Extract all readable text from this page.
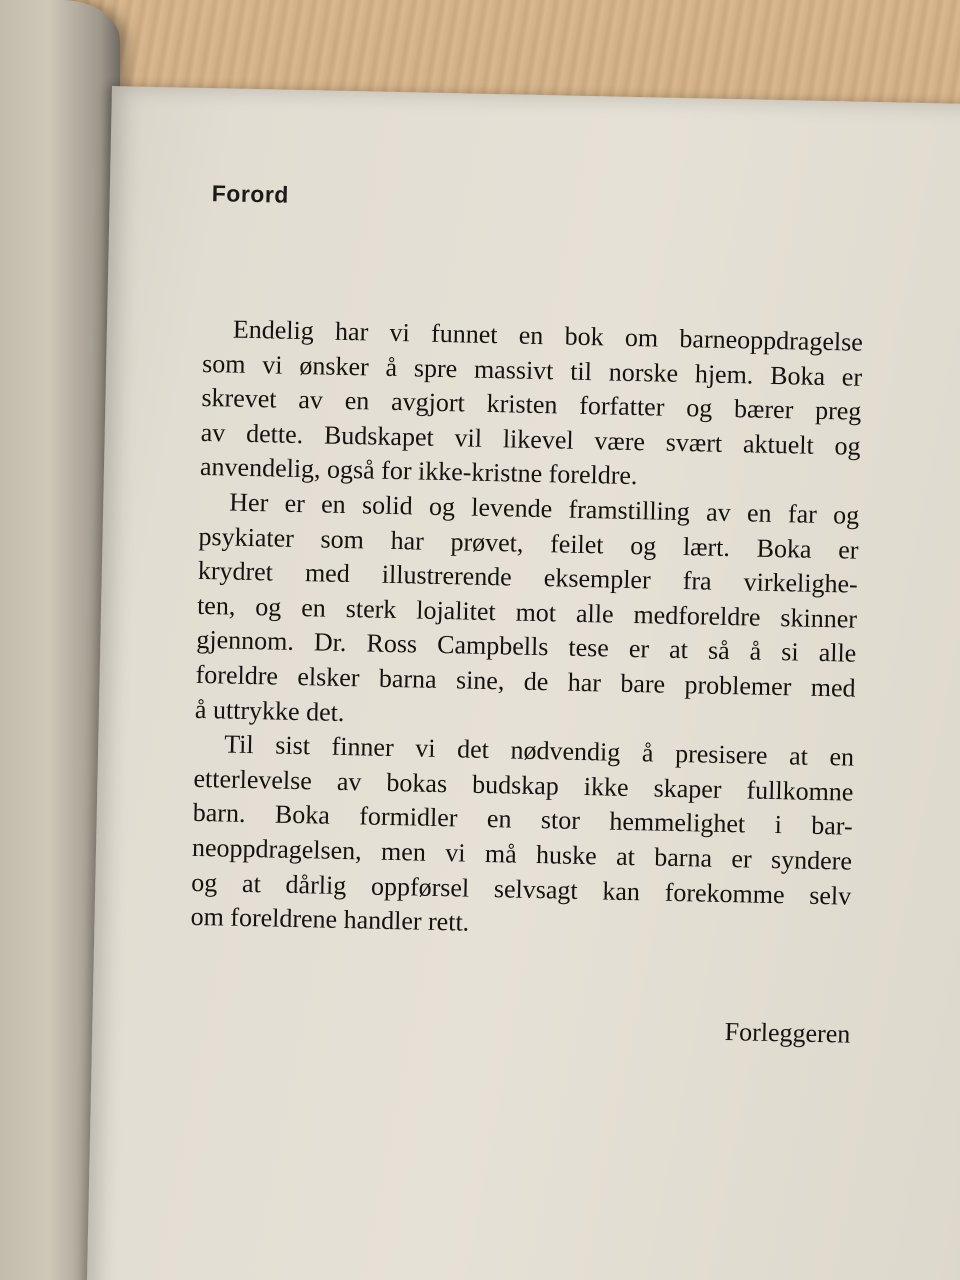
Forord
Endelig har vi funnet en bok om barneoppdragelse
som vi ønsker å spre massivt til norske hjem. Boka er
skrevet av en avgjort kristen forfatter og bærer preg
av dette. Budskapet vil likevel være svært aktuelt og
anvendelig, også for ikke-kristne foreldre.
Her er en solid og levende framstilling av en far og
psykiater som har prøvet, feilet og lært. Boka er
krydret med illustrerende eksempler fra virkelighe-
ten, og en sterk lojalitet mot alle medforeldre skinner
gjennom. Dr. Ross Campbells tese er at så å si alle
foreldre elsker barna sine, de har bare problemer med
å uttrykke det.
Til sist finner vi det nødvendig å presisere at en
etterlevelse av bokas budskap ikke skaper fullkomne
barn. Boka formidler en stor hemmelighet i bar-
neoppdragelsen, men vi må huske at barna er syndere
og at dårlig oppførsel selvsagt kan forekomme selv
om foreldrene handler rett.
Forleggeren
